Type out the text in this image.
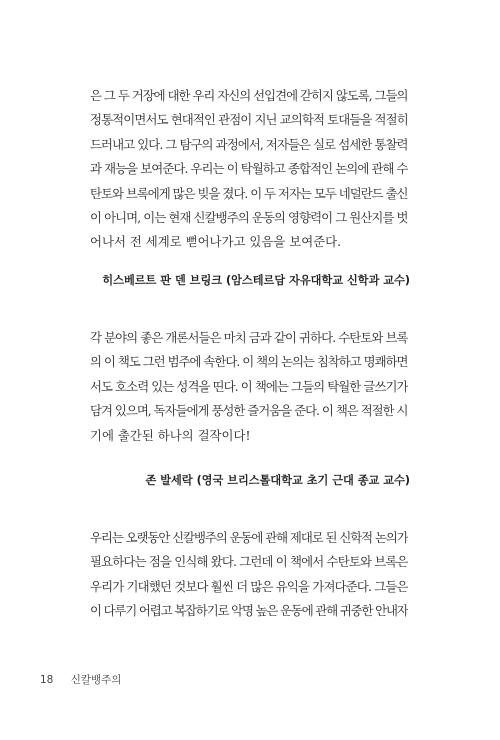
은 그 두 거장에 대한 우리 자신의 선입견에 갇히지 않도록, 그들의
정통적이면서도 현대적인 관점이 지닌 교의학적 토대들을 적절히
드러내고 있다. 그 탐구의 과정에서, 저자들은 실로 섬세한 통찰력
과 재능을 보여준다. 우리는 이 탁월하고 종합적인 논의에 관해 수
탄토와 브록에게 많은 빚을 졌다. 이 두 저자는 모두 네덜란드 출신
이 아니며, 이는 현재 신칼뱅주의 운동의 영향력이 그 원산지를 벗
어나서 전 세계로 뻗어나가고 있음을 보여준다.

히스베르트 판 덴 브링크 (암스테르담 자유대학교 신학과 교수)

각 분야의 좋은 개론서들은 마치 금과 같이 귀하다. 수탄토와 브록
의 이 책도 그런 범주에 속한다. 이 책의 논의는 침착하고 명쾌하면
서도 호소력 있는 성격을 띤다. 이 책에는 그들의 탁월한 글쓰기가
담겨 있으며, 독자들에게 풍성한 즐거움을 준다. 이 책은 적절한 시
기에 출간된 하나의 걸작이다!

존 발세락 (영국 브리스톨대학교 초기 근대 종교 교수)

우리는 오랫동안 신칼뱅주의 운동에 관해 제대로 된 신학적 논의가
필요하다는 점을 인식해 왔다. 그런데 이 책에서 수탄토와 브록은
우리가 기대했던 것보다 훨씬 더 많은 유익을 가져다준다. 그들은
이 다루기 어렵고 복잡하기로 악명 높은 운동에 관해 귀중한 안내자
18 신칼뱅주의
